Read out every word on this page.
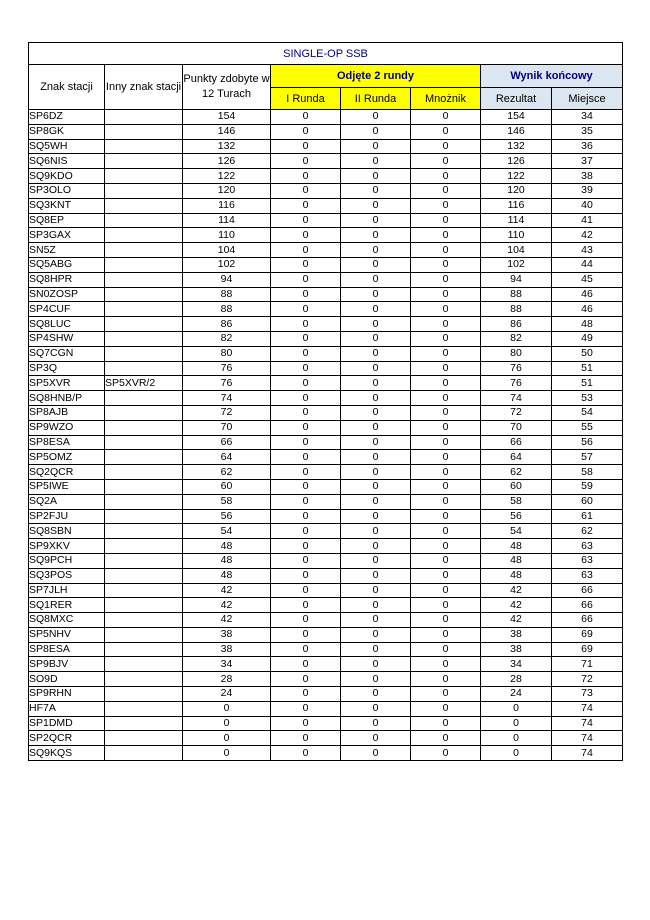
SINGLE-OP SSB							
Znak stacji	Inny znak stacji	Punkty zdobyte w 12 Turach	Odjęte 2 rundy			Wynik końcowy	
			I Runda	II Runda	Mnożnik	Rezultat	Miejsce
SP6DZ		154	0	0	0	154	34
SP8GK		146	0	0	0	146	35
SQ5WH		132	0	0	0	132	36
SQ6NIS		126	0	0	0	126	37
SQ9KDO		122	0	0	0	122	38
SP3OLO		120	0	0	0	120	39
SQ3KNT		116	0	0	0	116	40
SQ8EP		114	0	0	0	114	41
SP3GAX		110	0	0	0	110	42
SN5Z		104	0	0	0	104	43
SQ5ABG		102	0	0	0	102	44
SQ8HPR		94	0	0	0	94	45
SN0ZOSP		88	0	0	0	88	46
SP4CUF		88	0	0	0	88	46
SQ8LUC		86	0	0	0	86	48
SP4SHW		82	0	0	0	82	49
SQ7CGN		80	0	0	0	80	50
SP3Q		76	0	0	0	76	51
SP5XVR	SP5XVR/2	76	0	0	0	76	51
SQ8HNB/P		74	0	0	0	74	53
SP8AJB		72	0	0	0	72	54
SP9WZO		70	0	0	0	70	55
SP8ESA		66	0	0	0	66	56
SP5OMZ		64	0	0	0	64	57
SQ2QCR		62	0	0	0	62	58
SP5IWE		60	0	0	0	60	59
SQ2A		58	0	0	0	58	60
SP2FJU		56	0	0	0	56	61
SQ8SBN		54	0	0	0	54	62
SP9XKV		48	0	0	0	48	63
SQ9PCH		48	0	0	0	48	63
SQ3POS		48	0	0	0	48	63
SP7JLH		42	0	0	0	42	66
SQ1RER		42	0	0	0	42	66
SQ8MXC		42	0	0	0	42	66
SP5NHV		38	0	0	0	38	69
SP8ESA		38	0	0	0	38	69
SP9BJV		34	0	0	0	34	71
SO9D		28	0	0	0	28	72
SP9RHN		24	0	0	0	24	73
HF7A		0	0	0	0	0	74
SP1DMD		0	0	0	0	0	74
SP2QCR		0	0	0	0	0	74
SQ9KQS		0	0	0	0	0	74
